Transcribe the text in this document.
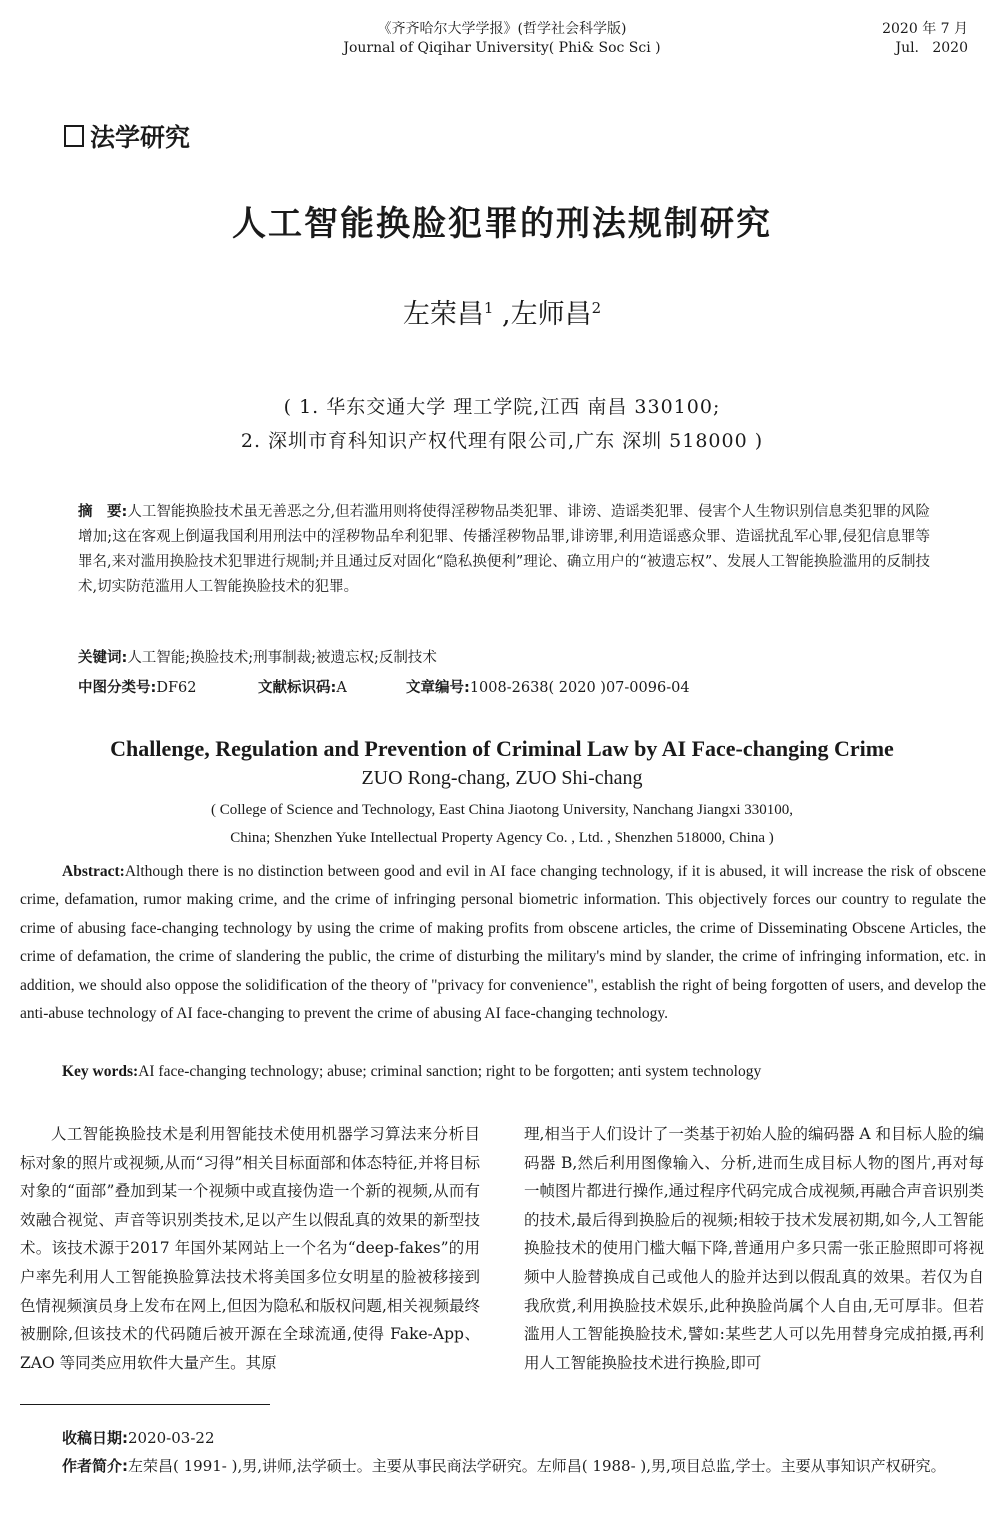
《齐齐哈尔大学学报》(哲学社会科学版)
Journal of Qiqihar University( Phi& Soc Sci )
2020 年 7 月
Jul.   2020
法学研究
人工智能换脸犯罪的刑法规制研究
左荣昌$^1$ ,左师昌$^2$
( 1. 华东交通大学 理工学院,江西 南昌 330100;
2. 深圳市育科知识产权代理有限公司,广东 深圳 518000 )
摘　要:人工智能换脸技术虽无善恶之分,但若滥用则将使得淫秽物品类犯罪、诽谤、造谣类犯罪、侵害个人生物识别信息类犯罪的风险增加;这在客观上倒逼我国利用刑法中的淫秽物品牟利犯罪、传播淫秽物品罪,诽谤罪,利用造谣惑众罪、造谣扰乱军心罪,侵犯信息罪等罪名,来对滥用换脸技术犯罪进行规制;并且通过反对固化“隐私换便利”理论、确立用户的“被遗忘权”、发展人工智能换脸滥用的反制技术,切实防范滥用人工智能换脸技术的犯罪。
关键词:人工智能;换脸技术;刑事制裁;被遗忘权;反制技术
中图分类号:DF62	文献标识码:A	文章编号:1008-2638( 2020 )07-0096-04
Challenge, Regulation and Prevention of Criminal Law by AI Face-changing Crime
ZUO Rong-chang, ZUO Shi-chang
( College of Science and Technology, East China Jiaotong University, Nanchang Jiangxi 330100,
China; Shenzhen Yuke Intellectual Property Agency Co. , Ltd. , Shenzhen 518000, China )
Abstract:Although there is no distinction between good and evil in AI face changing technology, if it is abused, it will increase the risk of obscene crime, defamation, rumor making crime, and the crime of infringing personal biometric information. This objectively forces our country to regulate the crime of abusing face-changing technology by using the crime of making profits from obscene articles, the crime of Disseminating Obscene Articles, the crime of defamation, the crime of slandering the public, the crime of disturbing the military's mind by slander, the crime of infringing information, etc. in addition, we should also oppose the solidification of the theory of "privacy for convenience", establish the right of being forgotten of users, and develop the anti-abuse technology of AI face-changing to prevent the crime of abusing AI face-changing technology.
Key words:AI face-changing technology; abuse; criminal sanction; right to be forgotten; anti system technology
人工智能换脸技术是利用智能技术使用机器学习算法来分析目标对象的照片或视频,从而“习得”相关目标面部和体态特征,并将目标对象的“面部”叠加到某一个视频中或直接伪造一个新的视频,从而有效融合视觉、声音等识别类技术,足以产生以假乱真的效果的新型技术。该技术源于2017 年国外某网站上一个名为“deep-fakes”的用户率先利用人工智能换脸算法技术将美国多位女明星的脸被移接到色情视频演员身上发布在网上,但因为隐私和版权问题,相关视频最终被删除,但该技术的代码随后被开源在全球流通,使得 Fake-App、ZAO 等同类应用软件大量产生。其原
理,相当于人们设计了一类基于初始人脸的编码器 A 和目标人脸的编码器 B,然后利用图像输入、分析,进而生成目标人物的图片,再对每一帧图片都进行操作,通过程序代码完成合成视频,再融合声音识别类的技术,最后得到换脸后的视频;相较于技术发展初期,如今,人工智能换脸技术的使用门槛大幅下降,普通用户多只需一张正脸照即可将视频中人脸替换成自己或他人的脸并达到以假乱真的效果。若仅为自我欣赏,利用换脸技术娱乐,此种换脸尚属个人自由,无可厚非。但若滥用人工智能换脸技术,譬如:某些艺人可以先用替身完成拍摄,再利用人工智能换脸技术进行换脸,即可
收稿日期:2020-03-22
作者简介:左荣昌( 1991- ),男,讲师,法学硕士。主要从事民商法学研究。左师昌( 1988- ),男,项目总监,学士。主要从事知识产权研究。
